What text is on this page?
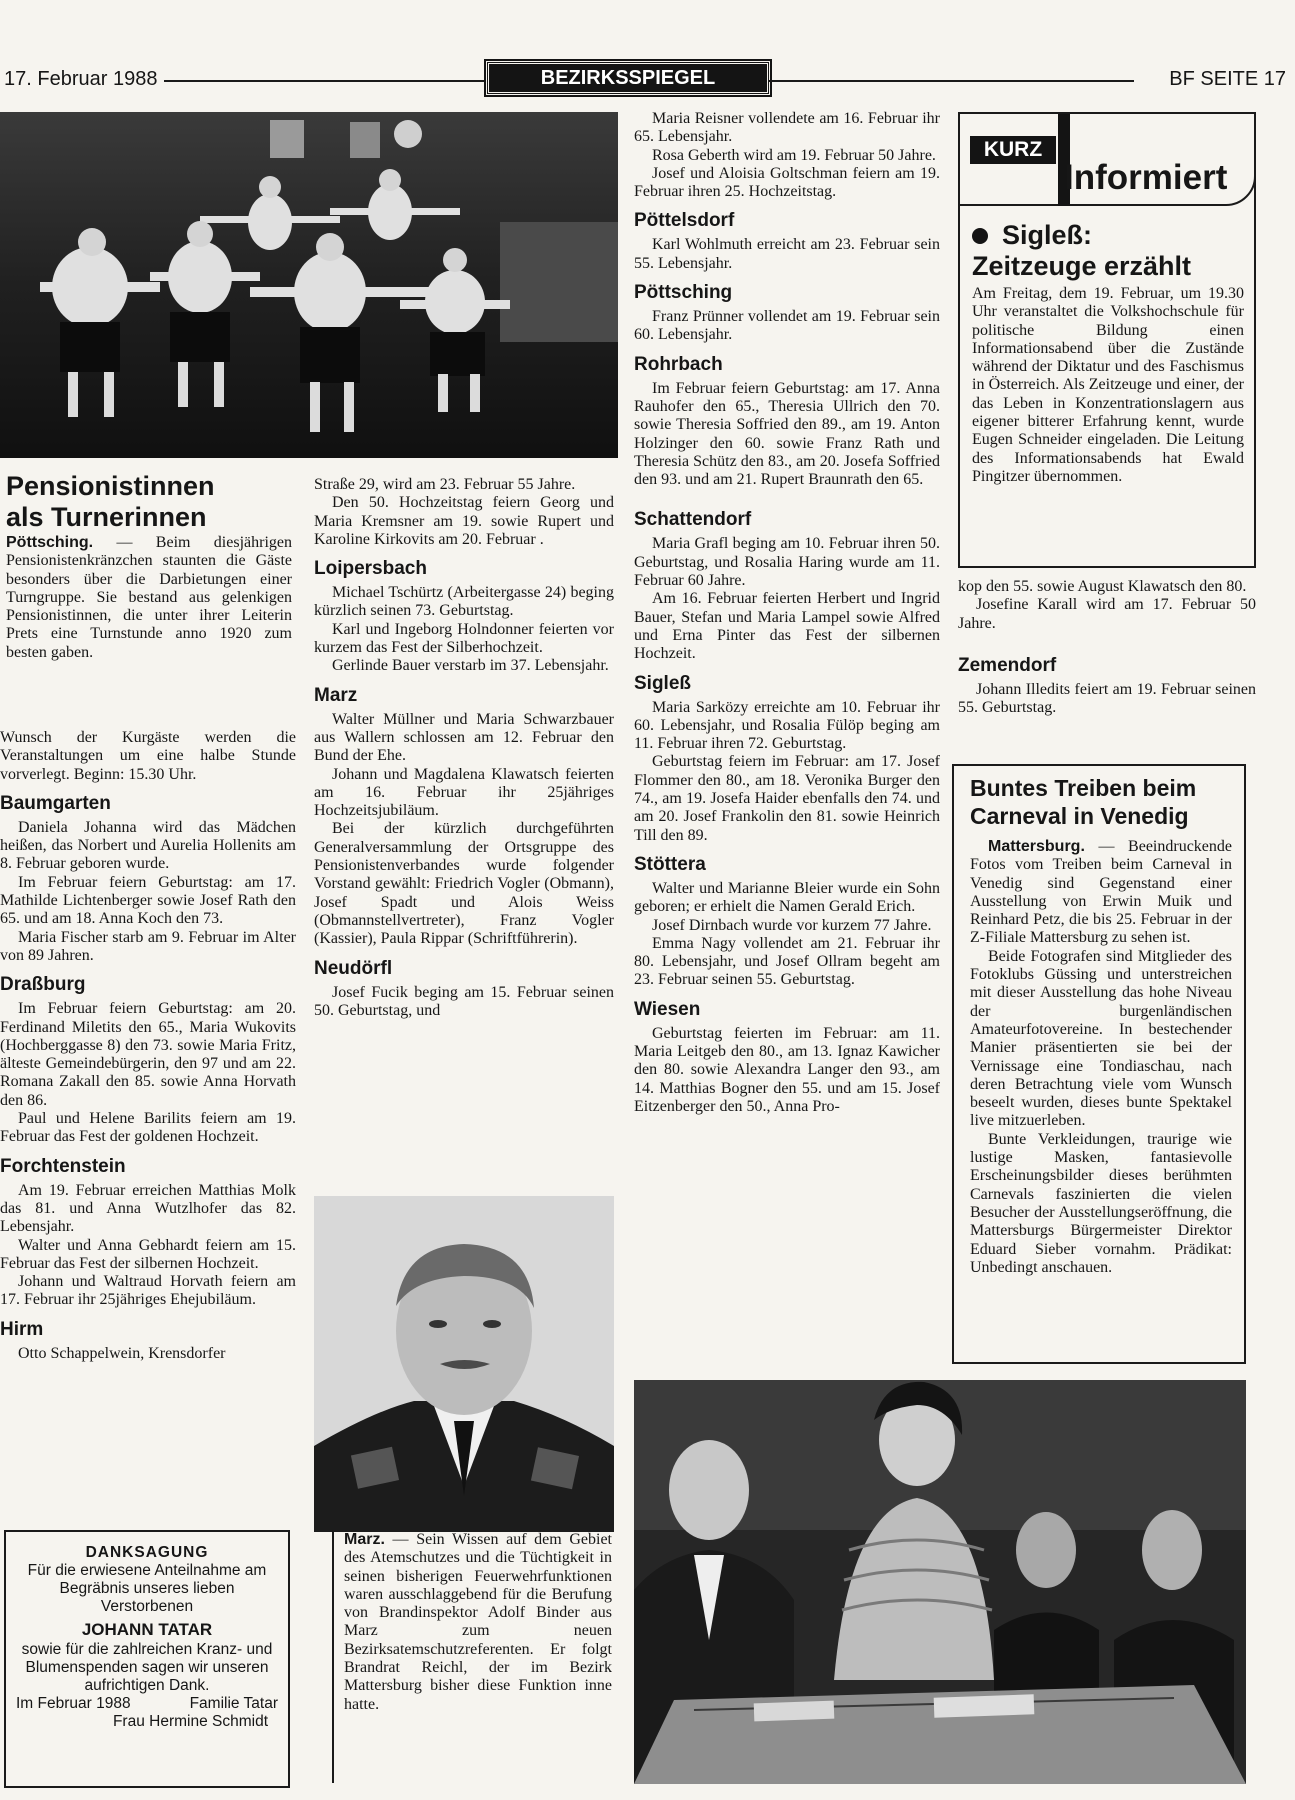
17. Februar 1988	BEZIRKSSPIEGEL	BF SEITE 17
Pensionistinnen
als Turnerinnen

Pöttsching. — Beim diesjährigen Pensionistenkränzchen staunten die Gäste besonders über die Darbietungen einer Turngruppe. Sie bestand aus gelenkigen Pensionistinnen, die unter ihrer Leiterin Prets eine Turnstunde anno 1920 zum besten gaben.

Wunsch der Kurgäste werden die Veranstaltungen um eine halbe Stunde vorverlegt. Beginn: 15.30 Uhr.

Baumgarten

Daniela Johanna wird das Mädchen heißen, das Norbert und Aurelia Hollenits am 8. Februar geboren wurde.

Im Februar feiern Geburtstag: am 17. Mathilde Lichtenberger sowie Josef Rath den 65. und am 18. Anna Koch den 73.

Maria Fischer starb am 9. Februar im Alter von 89 Jahren.

Draßburg

Im Februar feiern Geburtstag: am 20. Ferdinand Miletits den 65., Maria Wukovits (Hochberggasse 8) den 73. sowie Maria Fritz, älteste Gemeindebürgerin, den 97 und am 22. Romana Zakall den 85. sowie Anna Horvath den 86.

Paul und Helene Barilits feiern am 19. Februar das Fest der goldenen Hochzeit.

Forchtenstein

Am 19. Februar erreichen Matthias Molk das 81. und Anna Wutzlhofer das 82. Lebensjahr.

Walter und Anna Gebhardt feiern am 15. Februar das Fest der silbernen Hochzeit.

Johann und Waltraud Horvath feiern am 17. Februar ihr 25jähriges Ehejubiläum.

Hirm

Otto Schappelwein, Krensdorfer

DANKSAGUNG
Für die erwiesene Anteilnahme am Begräbnis unseres lieben Verstorbenen
JOHANN TATAR
sowie für die zahlreichen Kranz- und Blumenspenden sagen wir unseren aufrichtigen Dank.
Im Februar 1988	Familie Tatar
Frau Hermine Schmidt

Straße 29, wird am 23. Februar 55 Jahre.

Den 50. Hochzeitstag feiern Georg und Maria Kremsner am 19. sowie Rupert und Karoline Kirkovits am 20. Februar .

Loipersbach

Michael Tschürtz (Arbeitergasse 24) beging kürzlich seinen 73. Geburtstag.

Karl und Ingeborg Holndonner feierten vor kurzem das Fest der Silberhochzeit.

Gerlinde Bauer verstarb im 37. Lebensjahr.

Marz

Walter Müllner und Maria Schwarzbauer aus Wallern schlossen am 12. Februar den Bund der Ehe.

Johann und Magdalena Klawatsch feierten am 16. Februar ihr 25jähriges Hochzeitsjubiläum.

Bei der kürzlich durchgeführten Generalversammlung der Ortsgruppe des Pensionistenverbandes wurde folgender Vorstand gewählt: Friedrich Vogler (Obmann), Josef Spadt und Alois Weiss (Obmannstellvertreter), Franz Vogler (Kassier), Paula Rippar (Schriftführerin).

Neudörfl

Josef Fucik beging am 15. Februar seinen 50. Geburtstag, und

Marz. — Sein Wissen auf dem Gebiet des Atemschutzes und die Tüchtigkeit in seinen bisherigen Feuerwehrfunktionen waren ausschlaggebend für die Berufung von Brandinspektor Adolf Binder aus Marz zum neuen Bezirksatemschutzreferenten. Er folgt Brandrat Reichl, der im Bezirk Mattersburg bisher diese Funktion inne hatte.

Maria Reisner vollendete am 16. Februar ihr 65. Lebensjahr.

Rosa Geberth wird am 19. Februar 50 Jahre.

Josef und Aloisia Goltschman feiern am 19. Februar ihren 25. Hochzeitstag.

Pöttelsdorf

Karl Wohlmuth erreicht am 23. Februar sein 55. Lebensjahr.

Pöttsching

Franz Prünner vollendet am 19. Februar sein 60. Lebensjahr.

Rohrbach

Im Februar feiern Geburtstag: am 17. Anna Rauhofer den 65., Theresia Ullrich den 70. sowie Theresia Soffried den 89., am 19. Anton Holzinger den 60. sowie Franz Rath und Theresia Schütz den 83., am 20. Josefa Soffried den 93. und am 21. Rupert Braunrath den 65.

Schattendorf

Maria Grafl beging am 10. Februar ihren 50. Geburtstag, und Rosalia Haring wurde am 11. Februar 60 Jahre.

Am 16. Februar feierten Herbert und Ingrid Bauer, Stefan und Maria Lampel sowie Alfred und Erna Pinter das Fest der silbernen Hochzeit.

Sigleß

Maria Sarközy erreichte am 10. Februar ihr 60. Lebensjahr, und Rosalia Fülöp beging am 11. Februar ihren 72. Geburtstag.

Geburtstag feiern im Februar: am 17. Josef Flommer den 80., am 18. Veronika Burger den 74., am 19. Josefa Haider ebenfalls den 74. und am 20. Josef Frankolin den 81. sowie Heinrich Till den 89.

Stöttera

Walter und Marianne Bleier wurde ein Sohn geboren; er erhielt die Namen Gerald Erich.

Josef Dirnbach wurde vor kurzem 77 Jahre.

Emma Nagy vollendet am 21. Februar ihr 80. Lebensjahr, und Josef Ollram begeht am 23. Februar seinen 55. Geburtstag.

Wiesen

Geburtstag feierten im Februar: am 11. Maria Leitgeb den 80., am 13. Ignaz Kawicher den 80. sowie Alexandra Langer den 93., am 14. Matthias Bogner den 55. und am 15. Josef Eitzenberger den 50., Anna Pro-

KURZ
Informiert
Sigleß:
Zeitzeuge erzählt
Am Freitag, dem 19. Februar, um 19.30 Uhr veranstaltet die Volkshochschule für politische Bildung einen Informationsabend über die Zustände während der Diktatur und des Faschismus in Österreich. Als Zeitzeuge und einer, der das Leben in Konzentrationslagern aus eigener bitterer Erfahrung kennt, wurde Eugen Schneider eingeladen. Die Leitung des Informationsabends hat Ewald Pingitzer übernommen.

kop den 55. sowie August Klawatsch den 80.

Josefine Karall wird am 17. Februar 50 Jahre.

Zemendorf

Johann Illedits feiert am 19. Februar seinen 55. Geburtstag.

Buntes Treiben beim
Carneval in Venedig

Mattersburg. — Beeindruckende Fotos vom Treiben beim Carneval in Venedig sind Gegenstand einer Ausstellung von Erwin Muik und Reinhard Petz, die bis 25. Februar in der Z-Filiale Mattersburg zu sehen ist.

Beide Fotografen sind Mitglieder des Fotoklubs Güssing und unterstreichen mit dieser Ausstellung das hohe Niveau der burgenländischen Amateurfotovereine. In bestechender Manier präsentierten sie bei der Vernissage eine Tondiaschau, nach deren Betrachtung viele vom Wunsch beseelt wurden, dieses bunte Spektakel live mitzuerleben.

Bunte Verkleidungen, traurige wie lustige Masken, fantasievolle Erscheinungsbilder dieses berühmten Carnevals faszinierten die vielen Besucher der Ausstellungseröffnung, die Mattersburgs Bürgermeister Direktor Eduard Sieber vornahm. Prädikat: Unbedingt anschauen.
